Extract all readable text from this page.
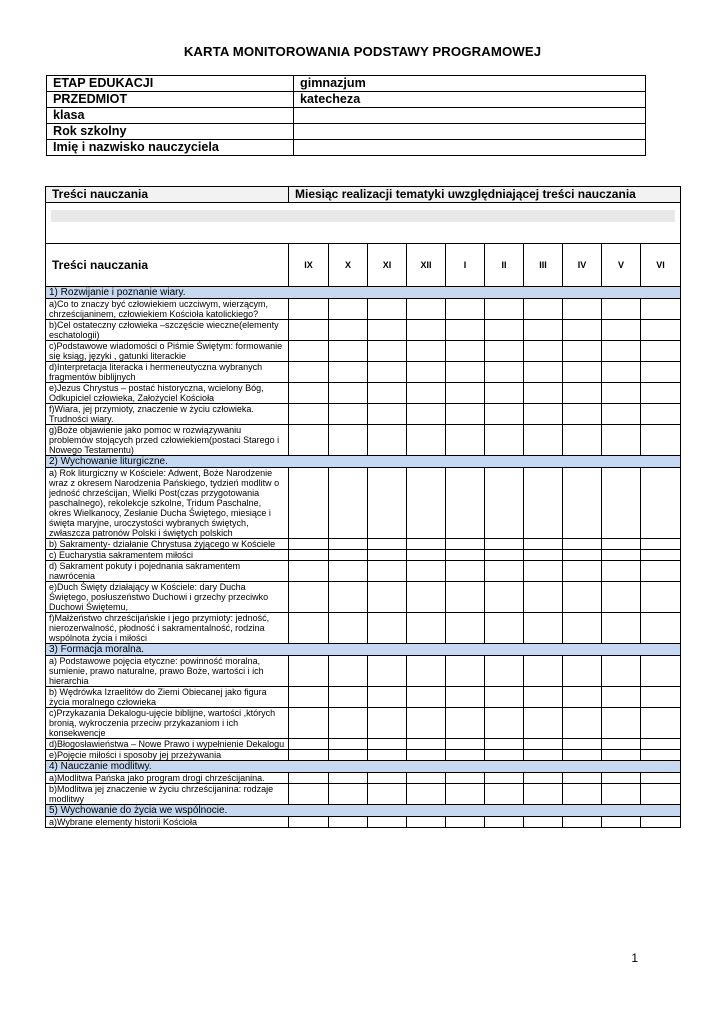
KARTA MONITOROWANIA PODSTAWY PROGRAMOWEJ
ETAP EDUKACJI	gimnazjum
PRZEDMIOT	katecheza
klasa	
Rok szkolny	
Imię i nazwisko nauczyciela	
Treści nauczania	Miesiąc realizacji tematyki uwzględniającej treści nauczania									

Treści nauczania	IX	X	XI	XII	I	II	III	IV	V	VI
1) Rozwijanie i poznanie wiary.										
a)Co to znaczy być człowiekiem uczciwym, wierzącym, chrześcijaninem, człowiekiem Kościoła katolickiego?										
b)Cel ostateczny człowieka –szczęście wieczne(elementy eschatologii)										
c)Podstawowe wiadomości o Piśmie Świętym: formowanie się ksiąg, języki , gatunki literackie										
d)Interpretacja literacka i hermeneutyczna wybranych fragmentów biblijnych										
e)Jezus Chrystus – postać historyczna, wcielony Bóg, Odkupiciel człowieka, Założyciel Kościoła										
f)Wiara, jej przymioty, znaczenie w życiu człowieka. Trudności wiary.										
g)Boże objawienie jako pomoc w rozwiązywaniu problemów stojących przed człowiekiem(postaci Starego i Nowego Testamentu)										
2) Wychowanie liturgiczne.										
a) Rok liturgiczny w Kościele: Adwent, Boże Narodzenie wraz z okresem Narodzenia Pańskiego, tydzień modlitw o jedność chrześcijan, Wielki Post(czas przygotowania paschalnego), rekolekcje szkolne, Tridum Paschalne, okres Wielkanocy, Zesłanie Ducha Świętego, miesiące i święta maryjne, uroczystości wybranych świętych, zwłaszcza patronów Polski i świętych polskich										
b) Sakramenty- działanie Chrystusa żyjącego w Kościele										
c) Eucharystia sakramentem miłości										
d) Sakrament pokuty i pojednania sakramentem nawrócenia										
e)Duch Święty działający w Kościele: dary Ducha Świętego, posłuszeństwo Duchowi i grzechy przeciwko Duchowi Świętemu,										
f)Małżeństwo chrześcijańskie i jego przymioty: jedność, nierozerwalność, płodność i sakramentalność, rodzina wspólnota życia i miłości										
3) Formacja moralna.										
a) Podstawowe pojęcia etyczne: powinność moralna, sumienie, prawo naturalne, prawo Boże, wartości i ich hierarchia										
b) Wędrówka Izraelitów do Ziemi Obiecanej jako figura życia moralnego człowieka										
c)Przykazania Dekalogu-ujęcie biblijne, wartości ,których bronią, wykroczenia przeciw przykazaniom i ich konsekwencje										
d)Błogosławieństwa – Nowe Prawo i wypełnienie Dekalogu										
e)Pojęcie miłości i sposoby jej przeżywania										
4) Nauczanie modlitwy.										
a)Modlitwa Pańska jako program drogi chrześcijanina.										
b)Modlitwa jej znaczenie w życiu chrześcijanina: rodzaje modlitwy										
5) Wychowanie do życia we wspólnocie.										
a)Wybrane elementy historii Kościoła										
1
